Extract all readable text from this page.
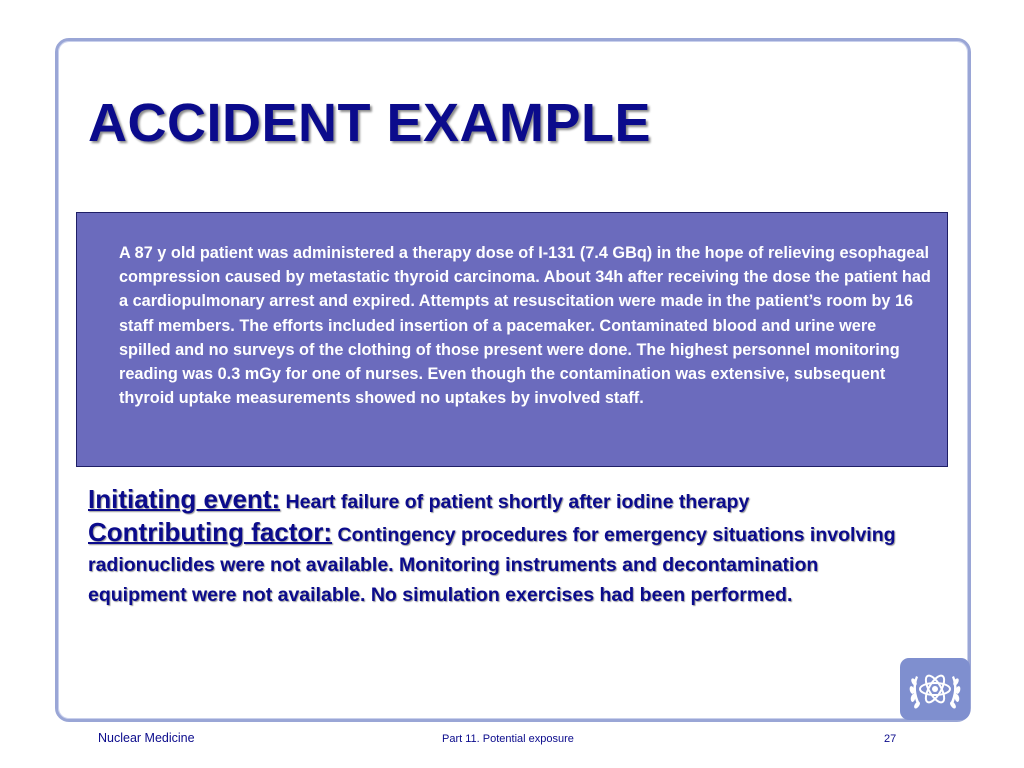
ACCIDENT EXAMPLE

A 87 y old patient was administered a therapy dose of I-131 (7.4 GBq) in the hope of relieving esophageal compression caused by metastatic thyroid carcinoma. About 34h after receiving the dose the patient had a cardiopulmonary arrest and expired. Attempts at resuscitation were made in the patient’s room by 16 staff members. The efforts included insertion of a pacemaker. Contaminated blood and urine were spilled and no surveys of the clothing of those present were done. The highest personnel monitoring reading was 0.3 mGy for one of nurses. Even though the contamination was extensive, subsequent thyroid uptake measurements showed no uptakes by involved staff.

Initiating event: Heart failure of patient shortly after iodine therapy

Contributing factor: Contingency procedures for emergency situations involving radionuclides were not available. Monitoring instruments and decontamination equipment were not available. No simulation exercises had been performed.

Nuclear Medicine	Part 11. Potential exposure	27
